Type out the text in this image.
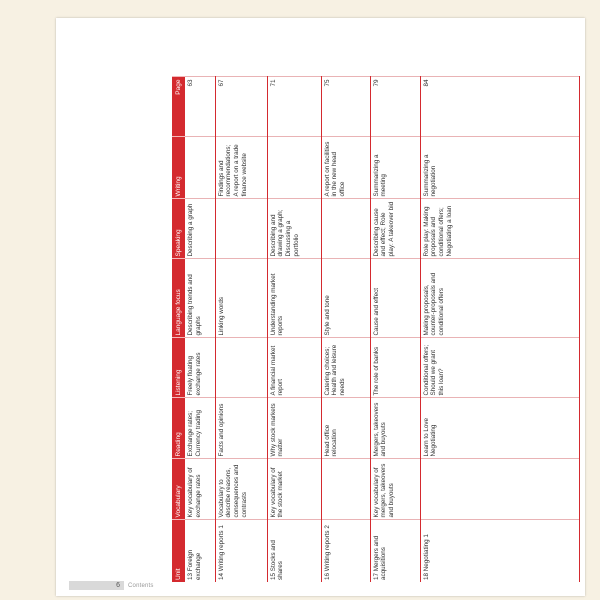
Unit	Vocabulary	Reading	Listening	Language focus	Speaking	Writing	Page
13 Foreign exchange	Key vocabulary of exchange rates	Exchange rates; Currency trading	Freely floating exchange rates	Describing trends and graphs	Describing a graph		63
14 Writing reports 1	Vocabulary to describe reasons, consequences and contrasts	Facts and opinions		Linking words		Findings and recommendations; A report on a trade finance website	67
15 Stocks and shares	Key vocabulary of the stock market	Why stock markets matter	A financial market report	Understanding market reports	Describing and drawing a graph; Discussing a portfolio		71
16 Writing reports 2		Head office relocation	Catering choices; Health and leisure needs	Style and tone		A report on facilities in the new head office	75
17 Mergers and acquisitions	Key vocabulary of mergers, takeovers and buyouts	Mergers, takeovers and buyouts	The role of banks	Cause and effect	Describing cause and effect; Role play: A takeover bid	Summarizing a meeting	79
18 Negotiating 1		Learn to Love Negotiating	Conditional offers; Should we grant this loan?	Making proposals, counter-proposals and conditional offers	Role play: Making proposals and conditional offers; Negotiating a loan	Summarizing a negotiation	84
6	Contents
